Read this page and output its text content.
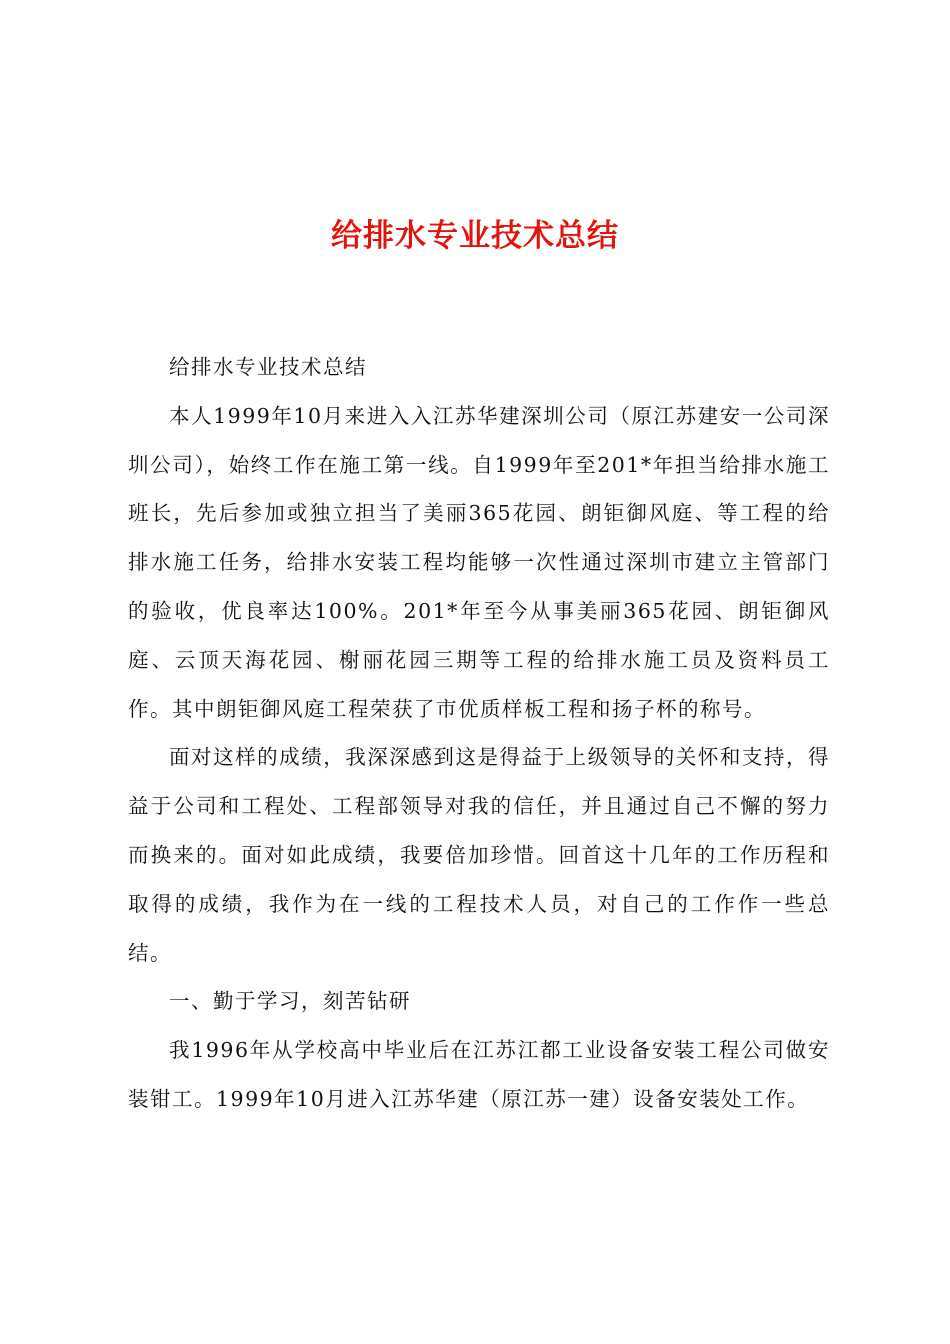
给排水专业技术总结

给排水专业技术总结

本人1999年10月来进入入江苏华建深圳公司（原江苏建安一公司深圳公司），始终工作在施工第一线。自1999年至201*年担当给排水施工班长，先后参加或独立担当了美丽365花园、朗钜御风庭、等工程的给排水施工任务，给排水安装工程均能够一次性通过深圳市建立主管部门的验收，优良率达100%。201*年至今从事美丽365花园、朗钜御风庭、云顶天海花园、榭丽花园三期等工程的给排水施工员及资料员工作。其中朗钜御风庭工程荣获了市优质样板工程和扬子杯的称号。

面对这样的成绩，我深深感到这是得益于上级领导的关怀和支持，得益于公司和工程处、工程部领导对我的信任，并且通过自己不懈的努力而换来的。面对如此成绩，我要倍加珍惜。回首这十几年的工作历程和取得的成绩，我作为在一线的工程技术人员，对自己的工作作一些总结。

一、勤于学习，刻苦钻研

我1996年从学校高中毕业后在江苏江都工业设备安装工程公司做安装钳工。1999年10月进入江苏华建（原江苏一建）设备安装处工作。
